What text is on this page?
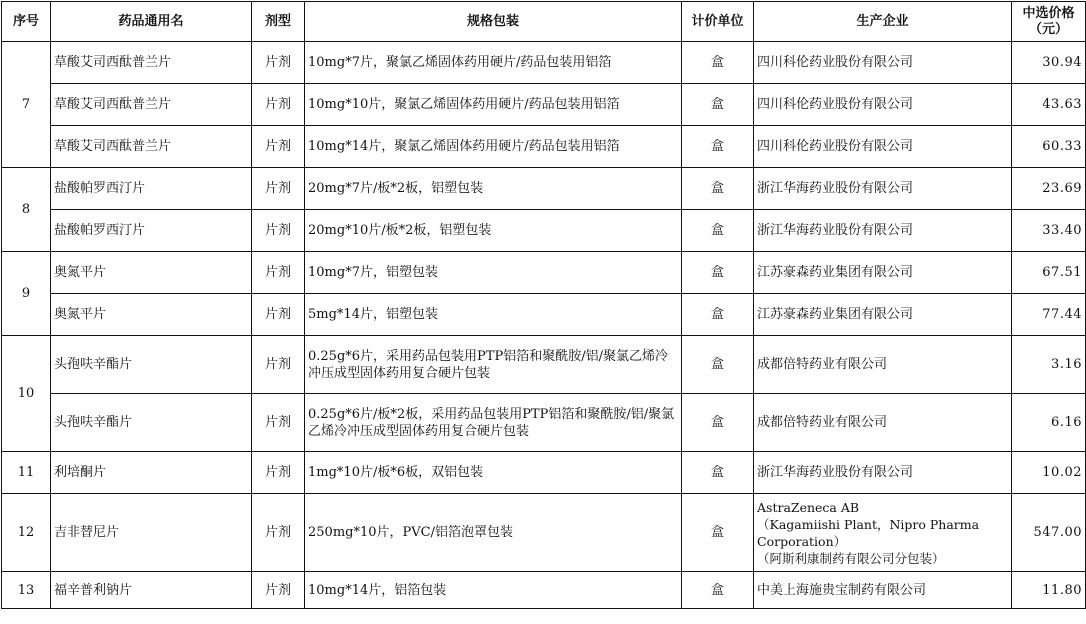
序号	药品通用名	剂型	规格包装	计价单位	生产企业	中选价格
（元）
7	草酸艾司西酞普兰片	片剂	10mg*7片，聚氯乙烯固体药用硬片/药品包装用铝箔	盒	四川科伦药业股份有限公司	30.94
	草酸艾司西酞普兰片	片剂	10mg*10片，聚氯乙烯固体药用硬片/药品包装用铝箔	盒	四川科伦药业股份有限公司	43.63
	草酸艾司西酞普兰片	片剂	10mg*14片，聚氯乙烯固体药用硬片/药品包装用铝箔	盒	四川科伦药业股份有限公司	60.33
8	盐酸帕罗西汀片	片剂	20mg*7片/板*2板，铝塑包装	盒	浙江华海药业股份有限公司	23.69
	盐酸帕罗西汀片	片剂	20mg*10片/板*2板，铝塑包装	盒	浙江华海药业股份有限公司	33.40
9	奥氮平片	片剂	10mg*7片，铝塑包装	盒	江苏豪森药业集团有限公司	67.51
	奥氮平片	片剂	5mg*14片，铝塑包装	盒	江苏豪森药业集团有限公司	77.44
10	头孢呋辛酯片	片剂	0.25g*6片，采用药品包装用PTP铝箔和聚酰胺/铝/聚氯乙烯冷冲压成型固体药用复合硬片包装	盒	成都倍特药业有限公司	3.16
	头孢呋辛酯片	片剂	0.25g*6片/板*2板，采用药品包装用PTP铝箔和聚酰胺/铝/聚氯乙烯冷冲压成型固体药用复合硬片包装	盒	成都倍特药业有限公司	6.16
11	利培酮片	片剂	1mg*10片/板*6板，双铝包装	盒	浙江华海药业股份有限公司	10.02
12	吉非替尼片	片剂	250mg*10片，PVC/铝箔泡罩包装	盒	AstraZeneca AB
（Kagamiishi Plant，Nipro Pharma Corporation）
（阿斯利康制药有限公司分包装）	547.00
13	福辛普利钠片	片剂	10mg*14片，铝箔包装	盒	中美上海施贵宝制药有限公司	11.80
